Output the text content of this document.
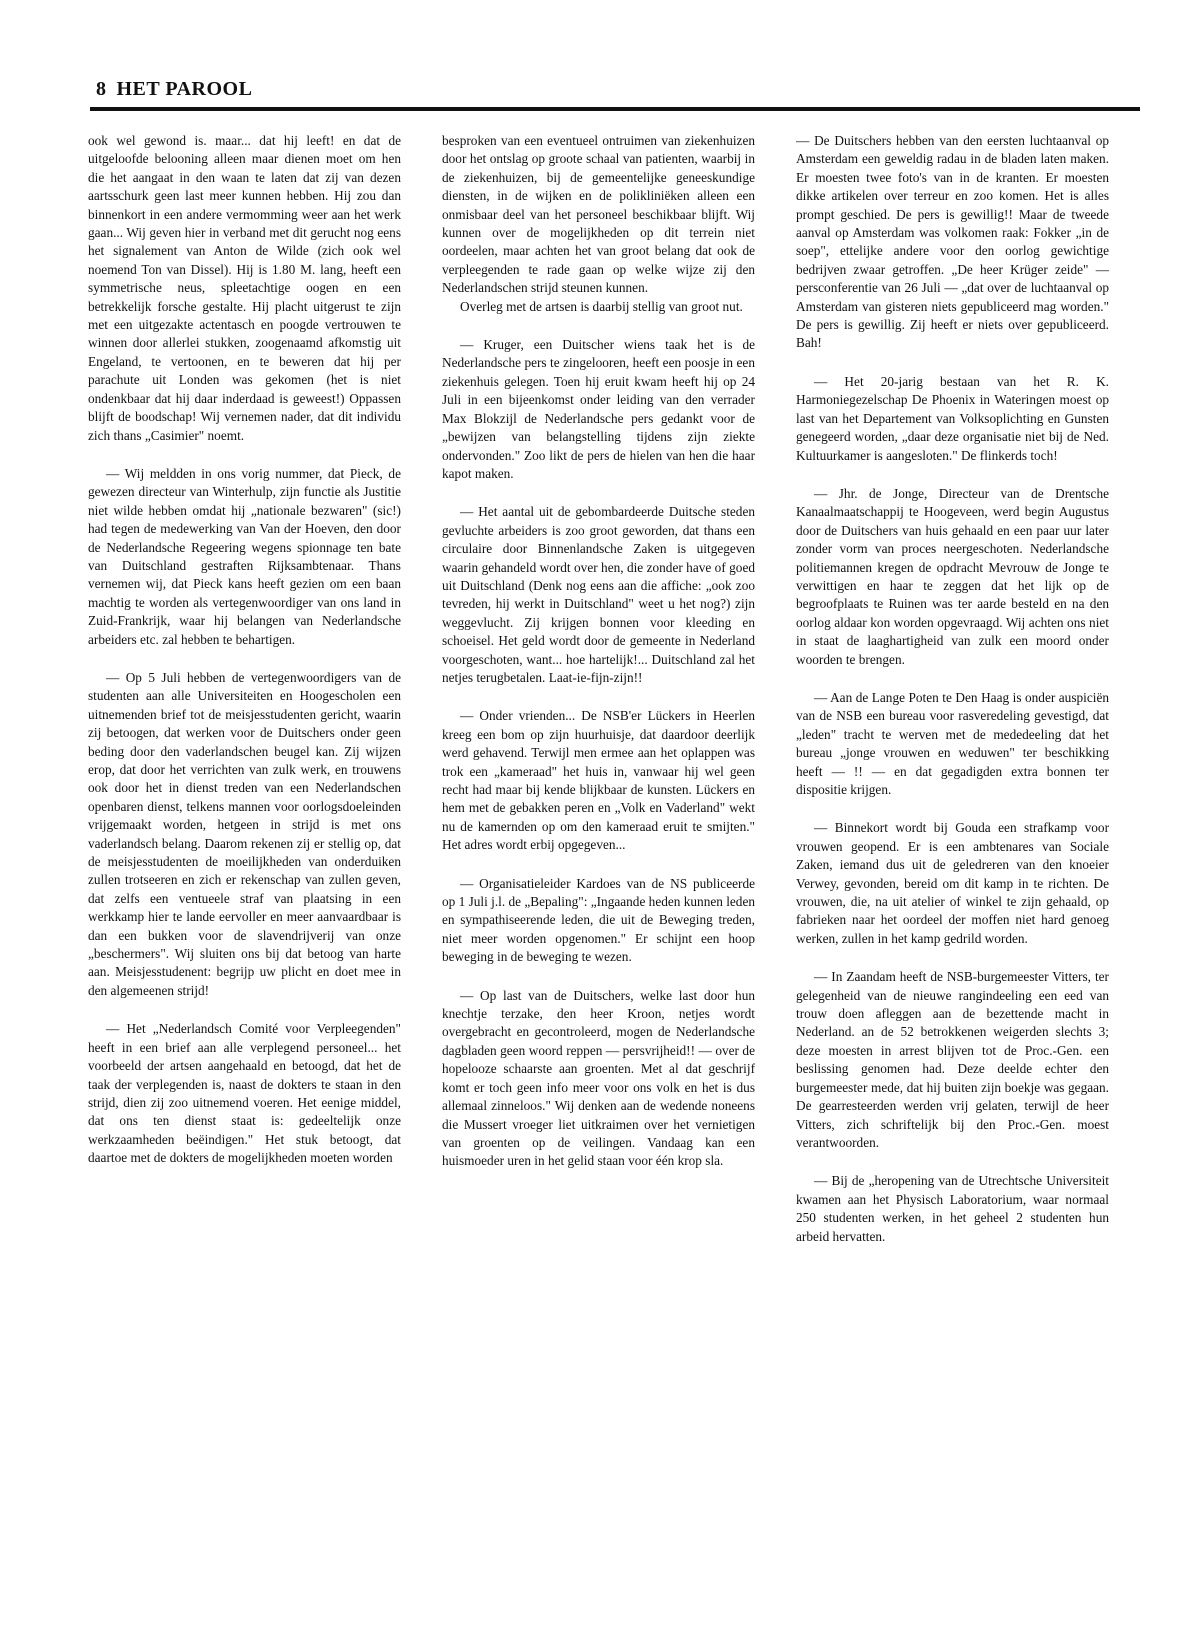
8 HET PAROOL

ook wel gewond is. maar... dat hij leeft! en dat de uitgeloofde belooning alleen maar dienen moet om hen die het aangaat in den waan te laten dat zij van dezen aartsschurk geen last meer kunnen hebben. Hij zou dan binnenkort in een andere vermomming weer aan het werk gaan... Wij geven hier in verband met dit gerucht nog eens het signalement van Anton de Wilde (zich ook wel noemend Ton van Dissel). Hij is 1.80 M. lang, heeft een symmetrische neus, spleetachtige oogen en een betrekkelijk forsche gestalte. Hij placht uitgerust te zijn met een uitgezakte actentasch en poogde vertrouwen te winnen door allerlei stukken, zoogenaamd afkomstig uit Engeland, te vertoonen, en te beweren dat hij per parachute uit Londen was gekomen (het is niet ondenkbaar dat hij daar inderdaad is geweest!) Oppassen blijft de boodschap! Wij vernemen nader, dat dit individu zich thans „Casimier" noemt.

— Wij meldden in ons vorig nummer, dat Pieck, de gewezen directeur van Winterhulp, zijn functie als Justitie niet wilde hebben omdat hij „nationale bezwaren" (sic!) had tegen de medewerking van Van der Hoeven, den door de Nederlandsche Regeering wegens spionnage ten bate van Duitschland gestraften Rijksambtenaar. Thans vernemen wij, dat Pieck kans heeft gezien om een baan machtig te worden als vertegenwoordiger van ons land in Zuid-Frankrijk, waar hij belangen van Nederlandsche arbeiders etc. zal hebben te behartigen.

— Op 5 Juli hebben de vertegenwoordigers van de studenten aan alle Universiteiten en Hoogescholen een uitnemenden brief tot de meisjesstudenten gericht, waarin zij betoogen, dat werken voor de Duitschers onder geen beding door den vaderlandschen beugel kan. Zij wijzen erop, dat door het verrichten van zulk werk, en trouwens ook door het in dienst treden van een Nederlandschen openbaren dienst, telkens mannen voor oorlogsdoeleinden vrijgemaakt worden, hetgeen in strijd is met ons vaderlandsch belang. Daarom rekenen zij er stellig op, dat de meisjesstudenten de moeilijkheden van onderduiken zullen trotseeren en zich er rekenschap van zullen geven, dat zelfs een ventueele straf van plaatsing in een werkkamp hier te lande eervoller en meer aanvaardbaar is dan een bukken voor de slavendrijverij van onze „beschermers". Wij sluiten ons bij dat betoog van harte aan. Meisjesstudenent: begrijp uw plicht en doet mee in den algemeenen strijd!

— Het „Nederlandsch Comité voor Verpleegenden" heeft in een brief aan alle verplegend personeel... het voorbeeld der artsen aangehaald en betoogd, dat het de taak der verplegenden is, naast de dokters te staan in den strijd, dien zij zoo uitnemend voeren. Het eenige middel, dat ons ten dienst staat is: gedeeltelijk onze werkzaamheden beëindigen." Het stuk betoogt, dat daartoe met de dokters de mogelijkheden moeten worden

besproken van een eventueel ontruimen van ziekenhuizen door het ontslag op groote schaal van patienten, waarbij in de ziekenhuizen, bij de gemeentelijke geneeskundige diensten, in de wijken en de polikliniëken alleen een onmisbaar deel van het personeel beschikbaar blijft. Wij kunnen over de mogelijkheden op dit terrein niet oordeelen, maar achten het van groot belang dat ook de verpleegenden te rade gaan op welke wijze zij den Nederlandschen strijd steunen kunnen.

Overleg met de artsen is daarbij stellig van groot nut.

— Kruger, een Duitscher wiens taak het is de Nederlandsche pers te zingelooren, heeft een poosje in een ziekenhuis gelegen. Toen hij eruit kwam heeft hij op 24 Juli in een bijeenkomst onder leiding van den verrader Max Blokzijl de Nederlandsche pers gedankt voor de „bewijzen van belangstelling tijdens zijn ziekte ondervonden." Zoo likt de pers de hielen van hen die haar kapot maken.

— Het aantal uit de gebombardeerde Duitsche steden gevluchte arbeiders is zoo groot geworden, dat thans een circulaire door Binnenlandsche Zaken is uitgegeven waarin gehandeld wordt over hen, die zonder have of goed uit Duitschland (Denk nog eens aan die affiche: „ook zoo tevreden, hij werkt in Duitschland" weet u het nog?) zijn weggevlucht. Zij krijgen bonnen voor kleeding en schoeisel. Het geld wordt door de gemeente in Nederland voorgeschoten, want... hoe hartelijk!... Duitschland zal het netjes terugbetalen. Laat-ie-fijn-zijn!!

— Onder vrienden... De NSB'er Lückers in Heerlen kreeg een bom op zijn huurhuisje, dat daardoor deerlijk werd gehavend. Terwijl men ermee aan het oplappen was trok een „kameraad" het huis in, vanwaar hij wel geen recht had maar bij kende blijkbaar de kunsten. Lückers en hem met de gebakken peren en „Volk en Vaderland" wekt nu de kamernden op om den kameraad eruit te smijten." Het adres wordt erbij opgegeven...

— Organisatieleider Kardoes van de NS publiceerde op 1 Juli j.l. de „Bepaling": „Ingaande heden kunnen leden en sympathiseerende leden, die uit de Beweging treden, niet meer worden opgenomen." Er schijnt een hoop beweging in de beweging te wezen.

— Op last van de Duitschers, welke last door hun knechtje terzake, den heer Kroon, netjes wordt overgebracht en gecontroleerd, mogen de Nederlandsche dagbladen geen woord reppen — persvrijheid!! — over de hopelooze schaarste aan groenten. Met al dat geschrijf komt er toch geen info meer voor ons volk en het is dus allemaal zinneloos." Wij denken aan de wedende noneens die Mussert vroeger liet uitkraimen over het vernietigen van groenten op de veilingen. Vandaag kan een huismoeder uren in het gelid staan voor één krop sla.

— De Duitschers hebben van den eersten luchtaanval op Amsterdam een geweldig radau in de bladen laten maken. Er moesten twee foto's van in de kranten. Er moesten dikke artikelen over terreur en zoo komen. Het is alles prompt geschied. De pers is gewillig!! Maar de tweede aanval op Amsterdam was volkomen raak: Fokker „in de soep", ettelijke andere voor den oorlog gewichtige bedrijven zwaar getroffen. „De heer Krüger zeide" — persconferentie van 26 Juli — „dat over de luchtaanval op Amsterdam van gisteren niets gepubliceerd mag worden." De pers is gewillig. Zij heeft er niets over gepubliceerd. Bah!

— Het 20-jarig bestaan van het R. K. Harmoniegezelschap De Phoenix in Wateringen moest op last van het Departement van Volksoplichting en Gunsten genegeerd worden, „daar deze organisatie niet bij de Ned. Kultuurkamer is aangesloten." De flinkerds toch!

— Jhr. de Jonge, Directeur van de Drentsche Kanaalmaatschappij te Hoogeveen, werd begin Augustus door de Duitschers van huis gehaald en een paar uur later zonder vorm van proces neergeschoten. Nederlandsche politiemannen kregen de opdracht Mevrouw de Jonge te verwittigen en haar te zeggen dat het lijk op de begroofplaats te Ruinen was ter aarde besteld en na den oorlog aldaar kon worden opgevraagd. Wij achten ons niet in staat de laaghartigheid van zulk een moord onder woorden te brengen.

— Aan de Lange Poten te Den Haag is onder auspiciën van de NSB een bureau voor rasveredeling gevestigd, dat „leden" tracht te werven met de mededeeling dat het bureau „jonge vrouwen en weduwen" ter beschikking heeft — !! — en dat gegadigden extra bonnen ter dispositie krijgen.

— Binnekort wordt bij Gouda een strafkamp voor vrouwen geopend. Er is een ambtenares van Sociale Zaken, iemand dus uit de geledreren van den knoeier Verwey, gevonden, bereid om dit kamp in te richten. De vrouwen, die, na uit atelier of winkel te zijn gehaald, op fabrieken naar het oordeel der moffen niet hard genoeg werken, zullen in het kamp gedrild worden.

— In Zaandam heeft de NSB-burgemeester Vitters, ter gelegenheid van de nieuwe rangindeeling een eed van trouw doen afleggen aan de bezettende macht in Nederland. an de 52 betrokkenen weigerden slechts 3; deze moesten in arrest blijven tot de Proc.-Gen. een beslissing genomen had. Deze deelde echter den burgemeester mede, dat hij buiten zijn boekje was gegaan. De gearresteerden werden vrij gelaten, terwijl de heer Vitters, zich schriftelijk bij den Proc.-Gen. moest verantwoorden.

— Bij de „heropening van de Utrechtsche Universiteit kwamen aan het Physisch Laboratorium, waar normaal 250 studenten werken, in het geheel 2 studenten hun arbeid hervatten.
